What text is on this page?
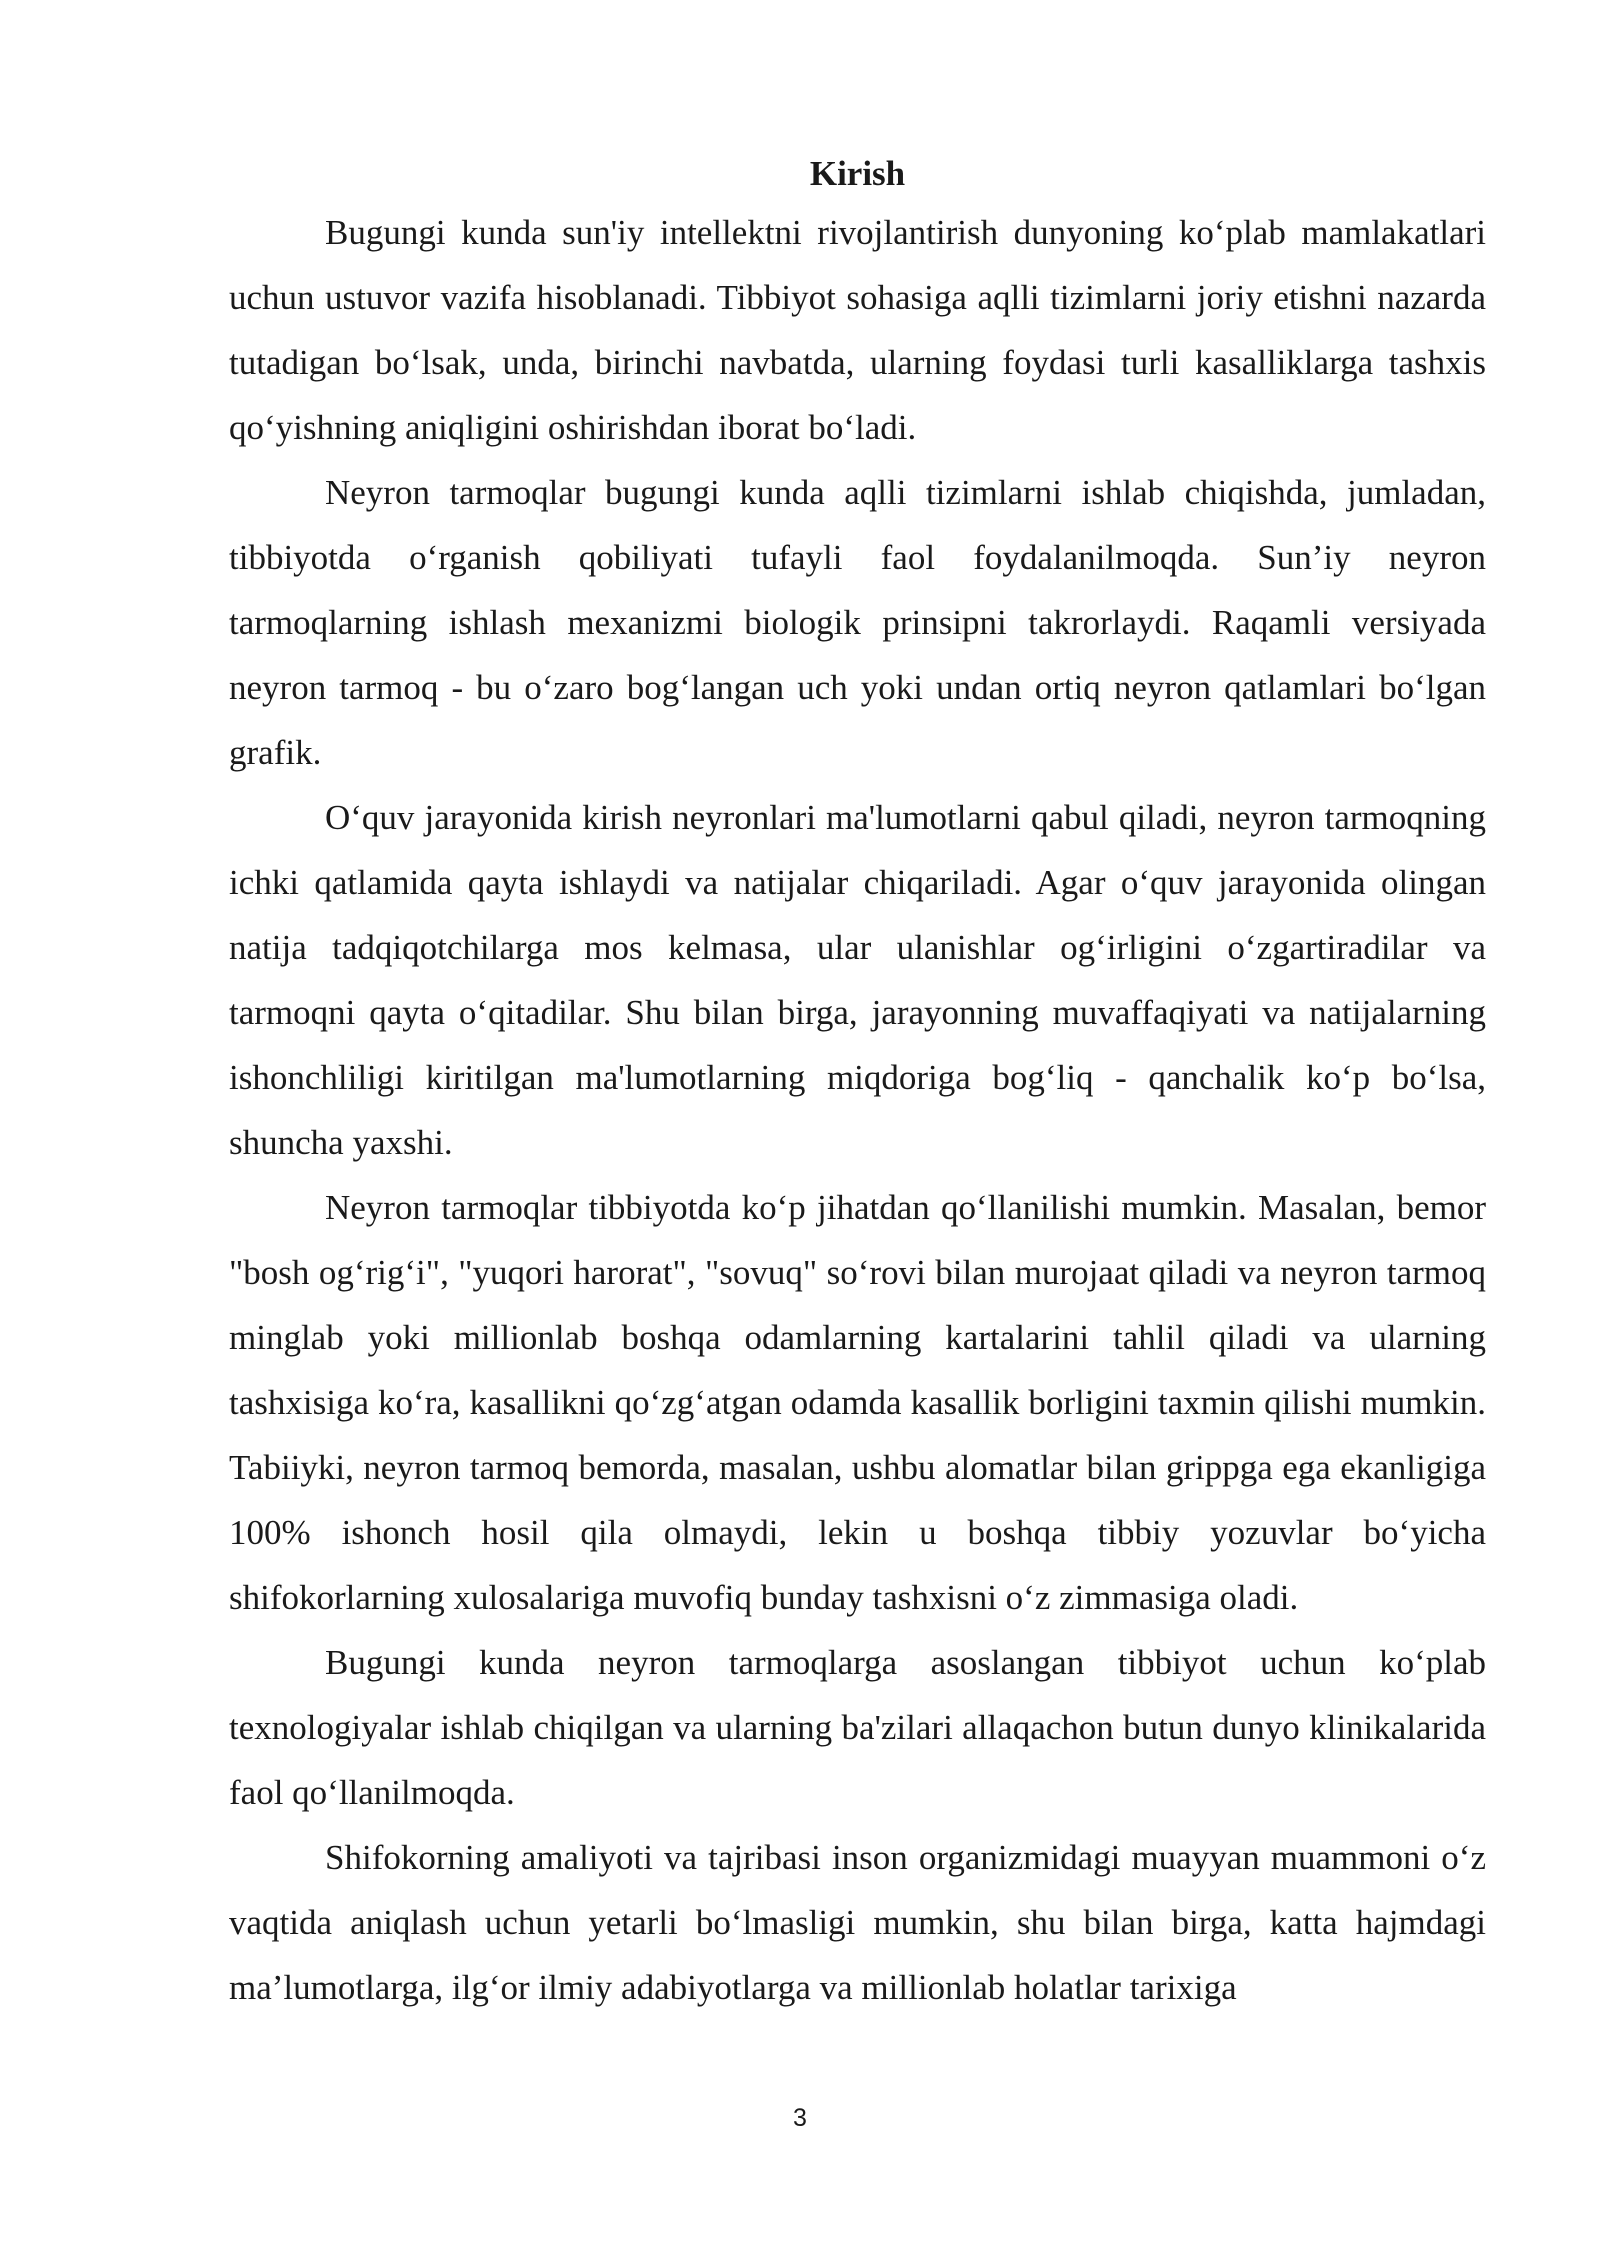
Kirish

Bugungi kunda sun'iy intellektni rivojlantirish dunyoning ko‘plab mamlakatlari uchun ustuvor vazifa hisoblanadi. Tibbiyot sohasiga aqlli tizimlarni joriy etishni nazarda tutadigan bo‘lsak, unda, birinchi navbatda, ularning foydasi turli kasalliklarga tashxis qo‘yishning aniqligini oshirishdan iborat bo‘ladi.

Neyron tarmoqlar bugungi kunda aqlli tizimlarni ishlab chiqishda, jumladan, tibbiyotda o‘rganish qobiliyati tufayli faol foydalanilmoqda. Sun’iy neyron tarmoqlarning ishlash mexanizmi biologik prinsipni takrorlaydi. Raqamli versiyada neyron tarmoq - bu o‘zaro bog‘langan uch yoki undan ortiq neyron qatlamlari bo‘lgan grafik.

O‘quv jarayonida kirish neyronlari ma'lumotlarni qabul qiladi, neyron tarmoqning ichki qatlamida qayta ishlaydi va natijalar chiqariladi. Agar o‘quv jarayonida olingan natija tadqiqotchilarga mos kelmasa, ular ulanishlar og‘irligini o‘zgartiradilar va tarmoqni qayta o‘qitadilar. Shu bilan birga, jarayonning muvaffaqiyati va natijalarning ishonchliligi kiritilgan ma'lumotlarning miqdoriga bog‘liq - qanchalik ko‘p bo‘lsa, shuncha yaxshi.

Neyron tarmoqlar tibbiyotda ko‘p jihatdan qo‘llanilishi mumkin. Masalan, bemor "bosh og‘rig‘i", "yuqori harorat", "sovuq" so‘rovi bilan murojaat qiladi va neyron tarmoq minglab yoki millionlab boshqa odamlarning kartalarini tahlil qiladi va ularning tashxisiga ko‘ra, kasallikni qo‘zg‘atgan odamda kasallik borligini taxmin qilishi mumkin. Tabiiyki, neyron tarmoq bemorda, masalan, ushbu alomatlar bilan grippga ega ekanligiga 100% ishonch hosil qila olmaydi, lekin u boshqa tibbiy yozuvlar bo‘yicha shifokorlarning xulosalariga muvofiq bunday tashxisni o‘z zimmasiga oladi.

Bugungi kunda neyron tarmoqlarga asoslangan tibbiyot uchun ko‘plab texnologiyalar ishlab chiqilgan va ularning ba'zilari allaqachon butun dunyo klinikalarida faol qo‘llanilmoqda.

Shifokorning amaliyoti va tajribasi inson organizmidagi muayyan muammoni o‘z vaqtida aniqlash uchun yetarli bo‘lmasligi mumkin, shu bilan birga, katta hajmdagi ma’lumotlarga, ilg‘or ilmiy adabiyotlarga va millionlab holatlar tarixiga

3
